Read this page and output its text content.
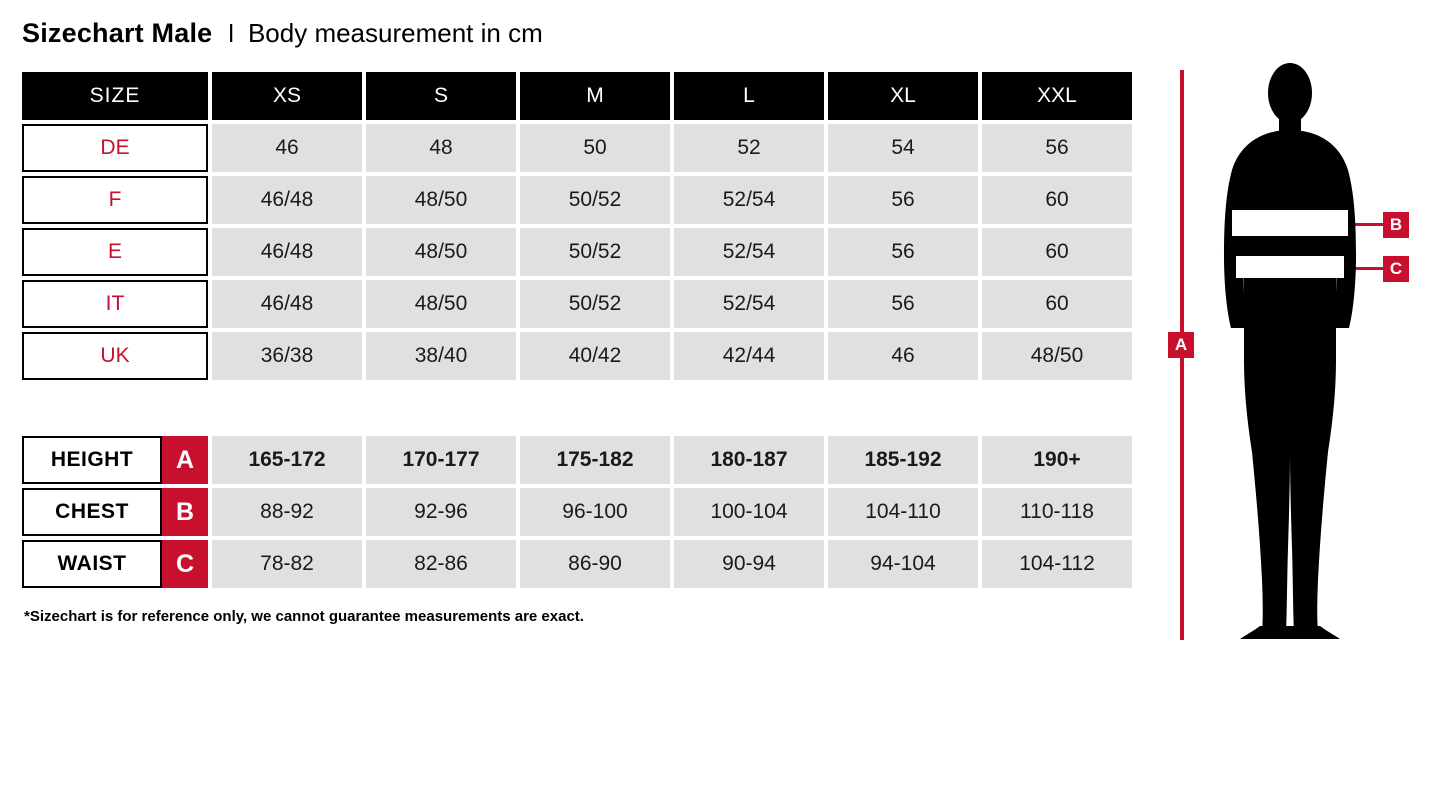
Sizechart Male l Body measurement in cm
SIZE	XS	S	M	L	XL	XXL
DE	46	48	50	52	54	56
F	46/48	48/50	50/52	52/54	56	60
E	46/48	48/50	50/52	52/54	56	60
IT	46/48	48/50	50/52	52/54	56	60
UK	36/38	38/40	40/42	42/44	46	48/50

HEIGHT A	165-172	170-177	175-182	180-187	185-192	190+

CHEST B	88-92	92-96	96-100	100-104	104-110	110-118

WAIST C	78-82	82-86	86-90	90-94	94-104	104-112
*Sizechart is for reference only, we cannot guarantee measurements are exact.
A
B
C
